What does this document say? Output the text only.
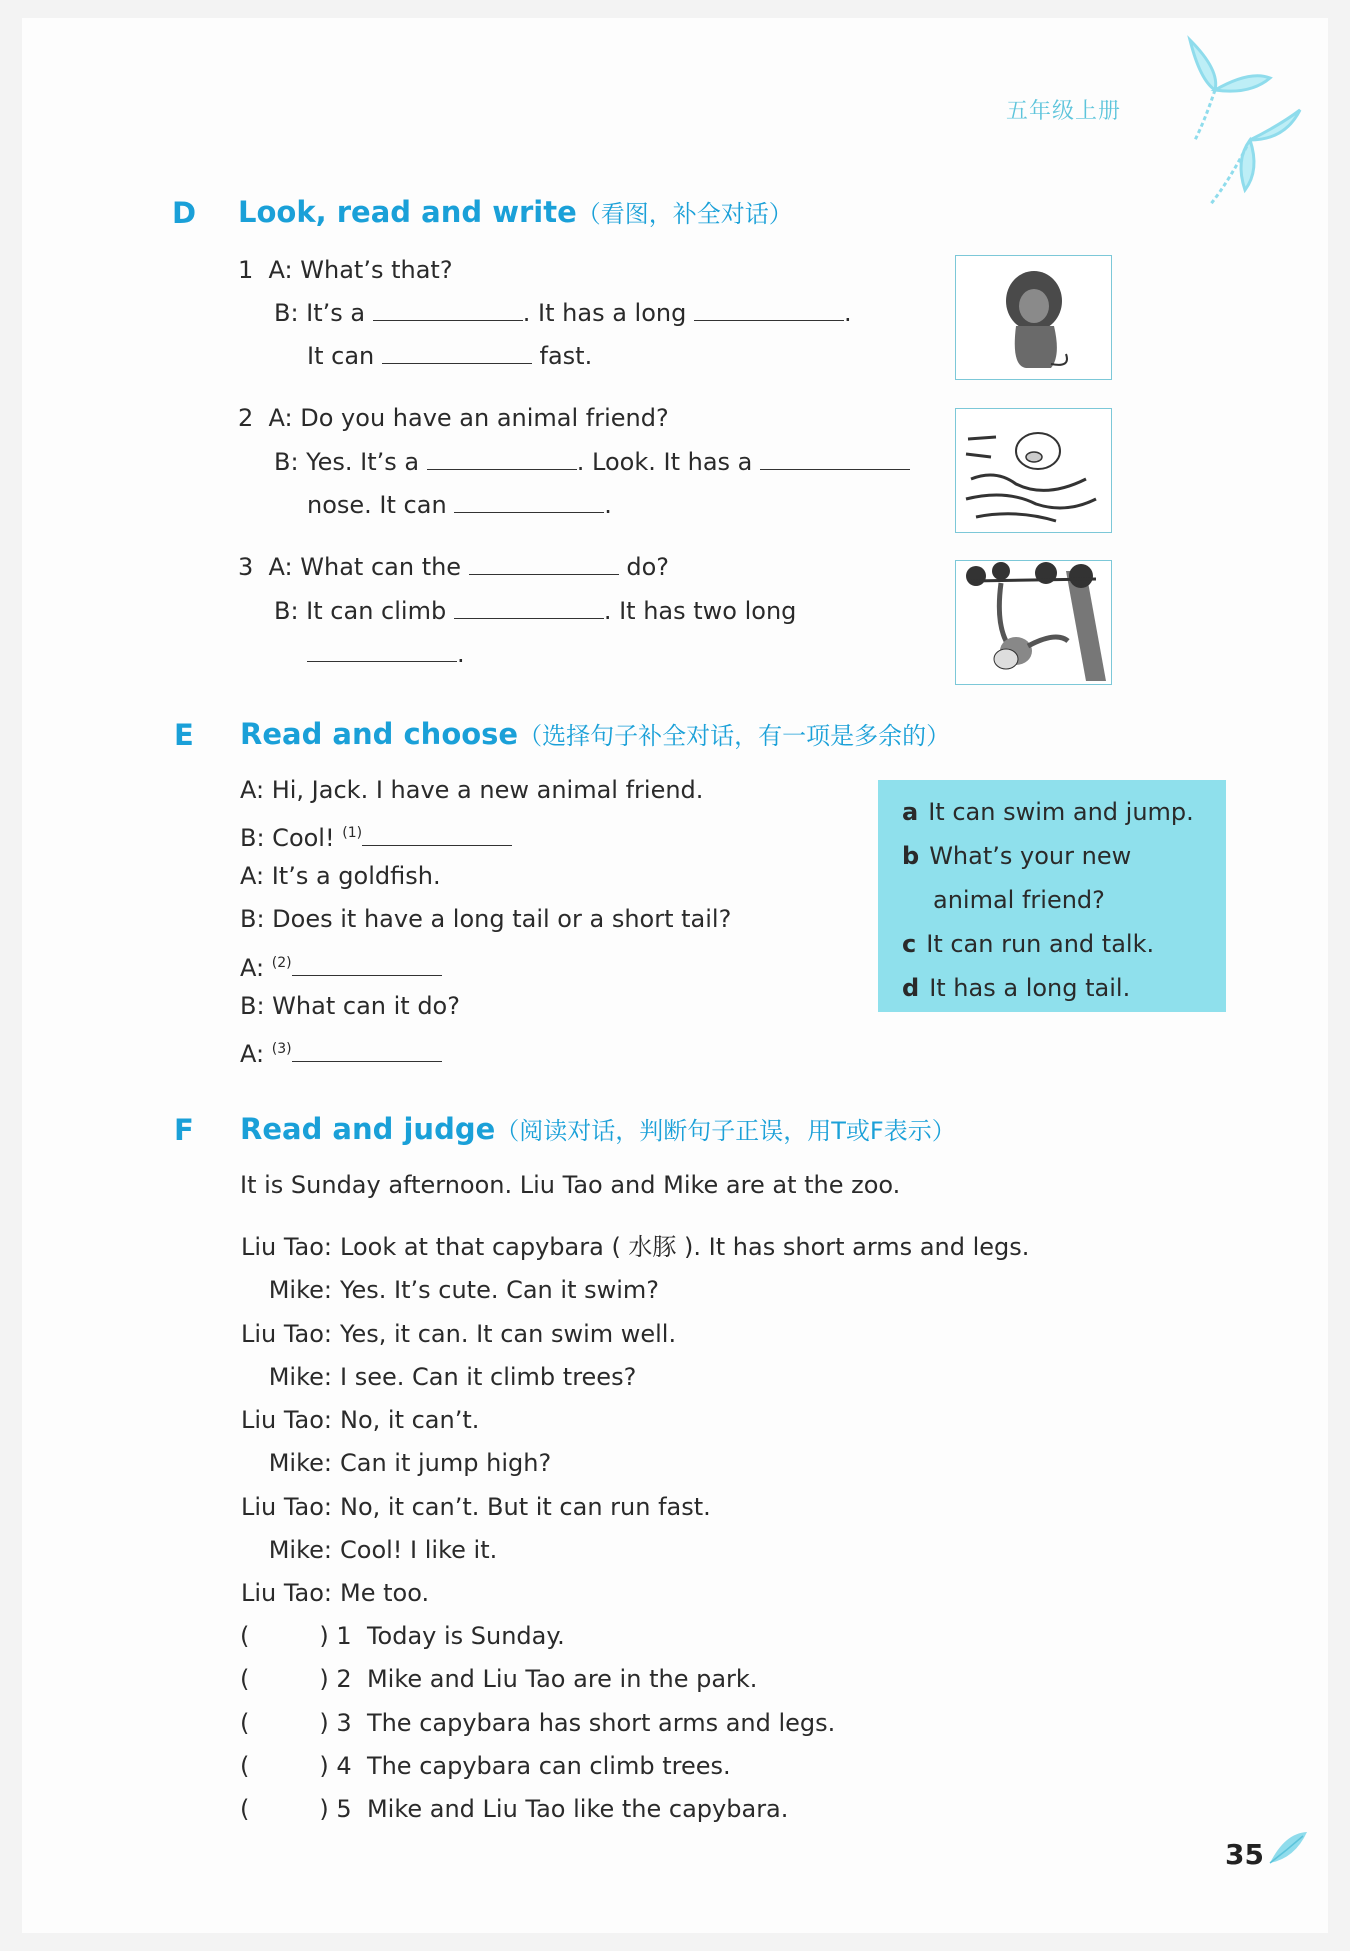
五年级上册
D Look, read and write（看图，补全对话）
1 A: What’s that?
B: It’s a	. It has a long	.
It can	fast.
2 A: Do you have an animal friend?
B: Yes. It’s a	. Look. It has a
nose. It can	.
3 A: What can the	do?
B: It can climb	. It has two long
.
E Read and choose（选择句子补全对话，有一项是多余的）
A: Hi, Jack. I have a new animal friend.
B: Cool! $^{(1)}$
A: It’s a goldfish.
B: Does it have a long tail or a short tail?
A: $^{(2)}$
B: What can it do?
A: $^{(3)}$
a It can swim and jump.
b What’s your new
animal friend?
c It can run and talk.
d It has a long tail.
F Read and judge（阅读对话，判断句子正误，用T或F表示）
It is Sunday afternoon. Liu Tao and Mike are at the zoo.
Liu Tao: Look at that capybara ( 水豚 ). It has short arms and legs.
Mike: Yes. It’s cute. Can it swim?
Liu Tao: Yes, it can. It can swim well.
Mike: I see. Can it climb trees?
Liu Tao: No, it can’t.
Mike: Can it jump high?
Liu Tao: No, it can’t. But it can run fast.
Mike: Cool! I like it.
Liu Tao: Me too.
(	) 1 Today is Sunday.
(	) 2 Mike and Liu Tao are in the park.
(	) 3 The capybara has short arms and legs.
(	) 4 The capybara can climb trees.
(	) 5 Mike and Liu Tao like the capybara.
35
